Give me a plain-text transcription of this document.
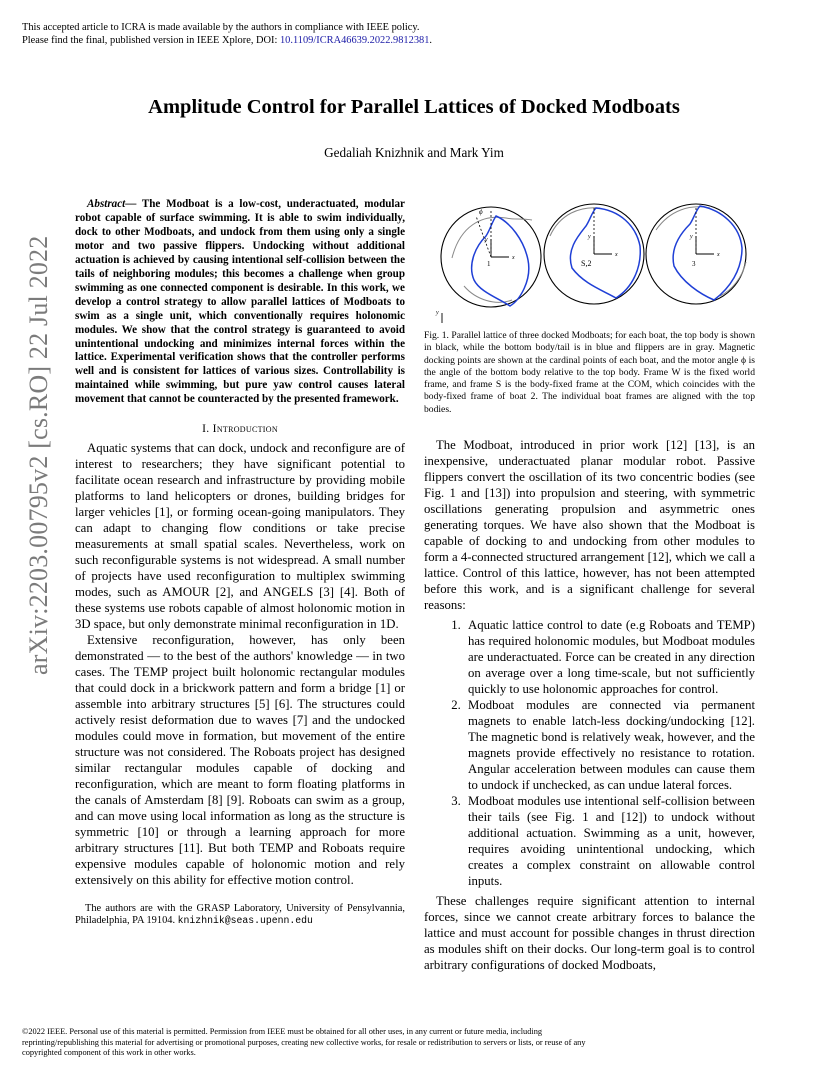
This accepted article to ICRA is made available by the authors in compliance with IEEE policy.
Please find the final, published version in IEEE Xplore, DOI: 10.1109/ICRA46639.2022.9812381.
Amplitude Control for Parallel Lattices of Docked Modboats
Gedaliah Knizhnik and Mark Yim
arXiv:2203.00795v2 [cs.RO] 22 Jul 2022

Abstract— The Modboat is a low-cost, underactuated, modular robot capable of surface swimming. It is able to swim individually, dock to other Modboats, and undock from them using only a single motor and two passive flippers. Undocking without additional actuation is achieved by causing intentional self-collision between the tails of neighboring modules; this becomes a challenge when group swimming as one connected component is desirable. In this work, we develop a control strategy to allow parallel lattices of Modboats to swim as a single unit, which conventionally requires holonomic modules. We show that the control strategy is guaranteed to avoid unintentional undocking and minimizes internal forces within the lattice. Experimental verification shows that the controller performs well and is consistent for lattices of various sizes. Controllability is maintained while swimming, but pure yaw control causes lateral movement that cannot be counteracted by the presented framework.

I. Introduction

Aquatic systems that can dock, undock and reconfigure are of interest to researchers; they have significant potential to facilitate ocean research and infrastructure by providing mobile platforms to land helicopters or drones, building bridges for larger vehicles [1], or forming ocean-going manipulators. They can adapt to changing flow conditions or take precise measurements at small spatial scales. Nevertheless, work on such reconfigurable systems is not widespread. A small number of projects have used reconfiguration to multiplex swimming modes, such as AMOUR [2], and ANGELS [3] [4]. Both of these systems use robots capable of almost holonomic motion in 3D space, but only demonstrate minimal reconfiguration in 1D.

Extensive reconfiguration, however, has only been demonstrated — to the best of the authors' knowledge — in two cases. The TEMP project built holonomic rectangular modules that could dock in a brickwork pattern and form a bridge [1] or assemble into arbitrary structures [5] [6]. The structures could actively resist deformation due to waves [7] and the undocked modules could move in formation, but movement of the entire structure was not considered. The Roboats project has designed similar rectangular modules capable of docking and reconfiguration, which are meant to form floating platforms in the canals of Amsterdam [8] [9]. Roboats can swim as a group, and can move using local information as long as the structure is symmetric [10] or through a learning approach for more arbitrary structures [11]. But both TEMP and Roboats require expensive modules capable of holonomic motion and rely extensively on this ability for effective motion control.

The authors are with the GRASP Laboratory, University of Pensylvannia, Philadelphia, PA 19104. knizhnik@seas.upenn.edu
ϕ
x
y
1
x
y
S,2
x
y
3
y

Fig. 1. Parallel lattice of three docked Modboats; for each boat, the top body is shown in black, while the bottom body/tail is in blue and flippers are in gray. Magnetic docking points are shown at the cardinal points of each boat, and the motor angle ϕ is the angle of the bottom body relative to the top body. Frame W is the fixed world frame, and frame S is the body-fixed frame at the COM, which coincides with the body-fixed frame of boat 2. The individual boat frames are aligned with the top bodies.

The Modboat, introduced in prior work [12] [13], is an inexpensive, underactuated planar modular robot. Passive flippers convert the oscillation of its two concentric bodies (see Fig. 1 and [13]) into propulsion and steering, with symmetric oscillations generating propulsion and asymmetric ones generating torques. We have also shown that the Modboat is capable of docking to and undocking from other modules to form a 4-connected structured arrangement [12], which we call a lattice. Control of this lattice, however, has not been attempted before this work, and is a significant challenge for several reasons:

1. Aquatic lattice control to date (e.g Roboats and TEMP) has required holonomic modules, but Modboat modules are underactuated. Force can be created in any direction on average over a long time-scale, but not sufficiently quickly to use holonomic approaches for control.
2. Modboat modules are connected via permanent magnets to enable latch-less docking/undocking [12]. The magnetic bond is relatively weak, however, and the magnets provide effectively no resistance to rotation. Angular acceleration between modules can cause them to undock if unchecked, as can undue lateral forces.
3. Modboat modules use intentional self-collision between their tails (see Fig. 1 and [12]) to undock without additional actuation. Swimming as a unit, however, requires avoiding unintentional undocking, which creates a complex constraint on allowable control inputs.

These challenges require significant attention to internal forces, since we cannot create arbitrary forces to balance the lattice and must account for possible changes in thrust direction as modules shift on their docks. Our long-term goal is to control arbitrary configurations of docked Modboats,

©2022 IEEE. Personal use of this material is permitted. Permission from IEEE must be obtained for all other uses, in any current or future media, including reprinting/republishing this material for advertising or promotional purposes, creating new collective works, for resale or redistribution to servers or lists, or reuse of any copyrighted component of this work in other works.
